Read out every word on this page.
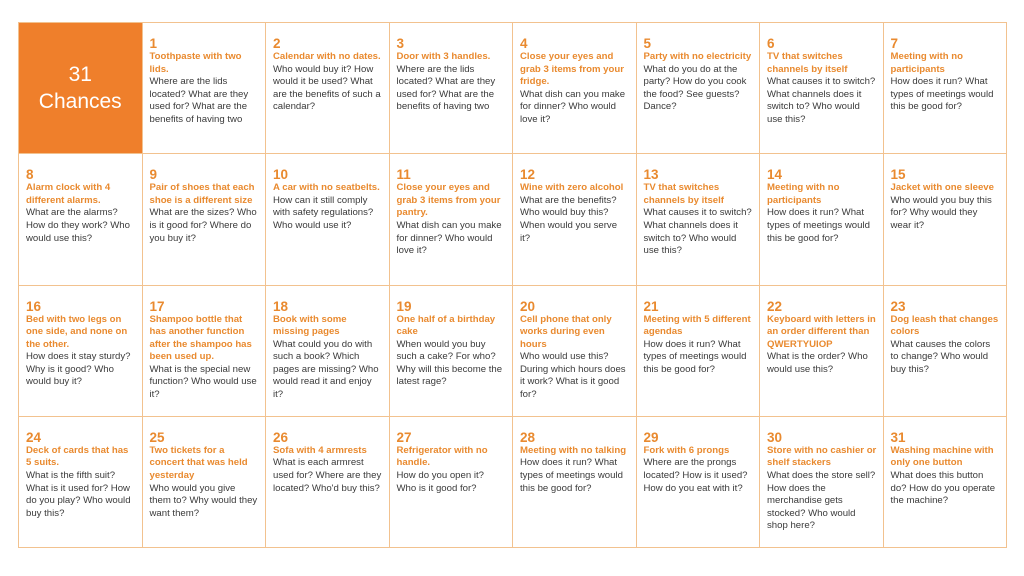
31
Chances
1
Toothpaste with two lids.
Where are the lids located? What are they used for? What are the benefits of having two
2
Calendar with no dates.
Who would buy it? How would it be used? What are the benefits of such a calendar?
3
Door with 3 handles.
Where are the lids located? What are they used for? What are the benefits of having two
4
Close your eyes and grab 3 items from your fridge.
What dish can you make for dinner? Who would love it?
5
Party with no electricity
What do you do at the party? How do you cook the food? See guests? Dance?
6
TV that switches channels by itself
What causes it to switch? What channels does it switch to? Who would use this?
7
Meeting with no participants
How does it run? What types of meetings would this be good for?
8
Alarm clock with 4 different alarms.
What are the alarms? How do they work? Who would use this?
9
Pair of shoes that each shoe is a different size
What are the sizes? Who is it good for? Where do you buy it?
10
A car with no seatbelts.
How can it still comply with safety regulations? Who would use it?
11
Close your eyes and grab 3 items from your pantry.
What dish can you make for dinner? Who would love it?
12
Wine with zero alcohol
What are the benefits? Who would buy this? When would you serve it?
13
TV that switches channels by itself
What causes it to switch? What channels does it switch to? Who would use this?
14
Meeting with no participants
How does it run? What types of meetings would this be good for?
15
Jacket with one sleeve
Who would you buy this for? Why would they wear it?
16
Bed with two legs on one side, and none on the other.
How does it stay sturdy? Why is it good? Who would buy it?
17
Shampoo bottle that has another function after the shampoo has been used up.
What is the special new function? Who would use it?
18
Book with some missing pages
What could you do with such a book? Which pages are missing? Who would read it and enjoy it?
19
One half of a birthday cake
When would you buy such a cake? For who? Why will this become the latest rage?
20
Cell phone that only works during even hours
Who would use this? During which hours does it work? What is it good for?
21
Meeting with 5 different agendas
How does it run? What types of meetings would this be good for?
22
Keyboard with letters in an order different than QWERTYUIOP
What is the order? Who would use this?
23
Dog leash that changes colors
What causes the colors to change? Who would buy this?
24
Deck of cards that has 5 suits.
What is the fifth suit? What is it used for? How do you play? Who would buy this?
25
Two tickets for a concert that was held yesterday
Who would you give them to? Why would they want them?
26
Sofa with 4 armrests
What is each armrest used for? Where are they located? Who'd buy this?
27
Refrigerator with no handle.
How do you open it? Who is it good for?
28
Meeting with no talking
How does it run? What types of meetings would this be good for?
29
Fork with 6 prongs
Where are the prongs located? How is it used? How do you eat with it?
30
Store with no cashier or shelf stackers
What does the store sell? How does the merchandise gets stocked? Who would shop here?
31
Washing machine with only one button
What does this button do? How do you operate the machine?
